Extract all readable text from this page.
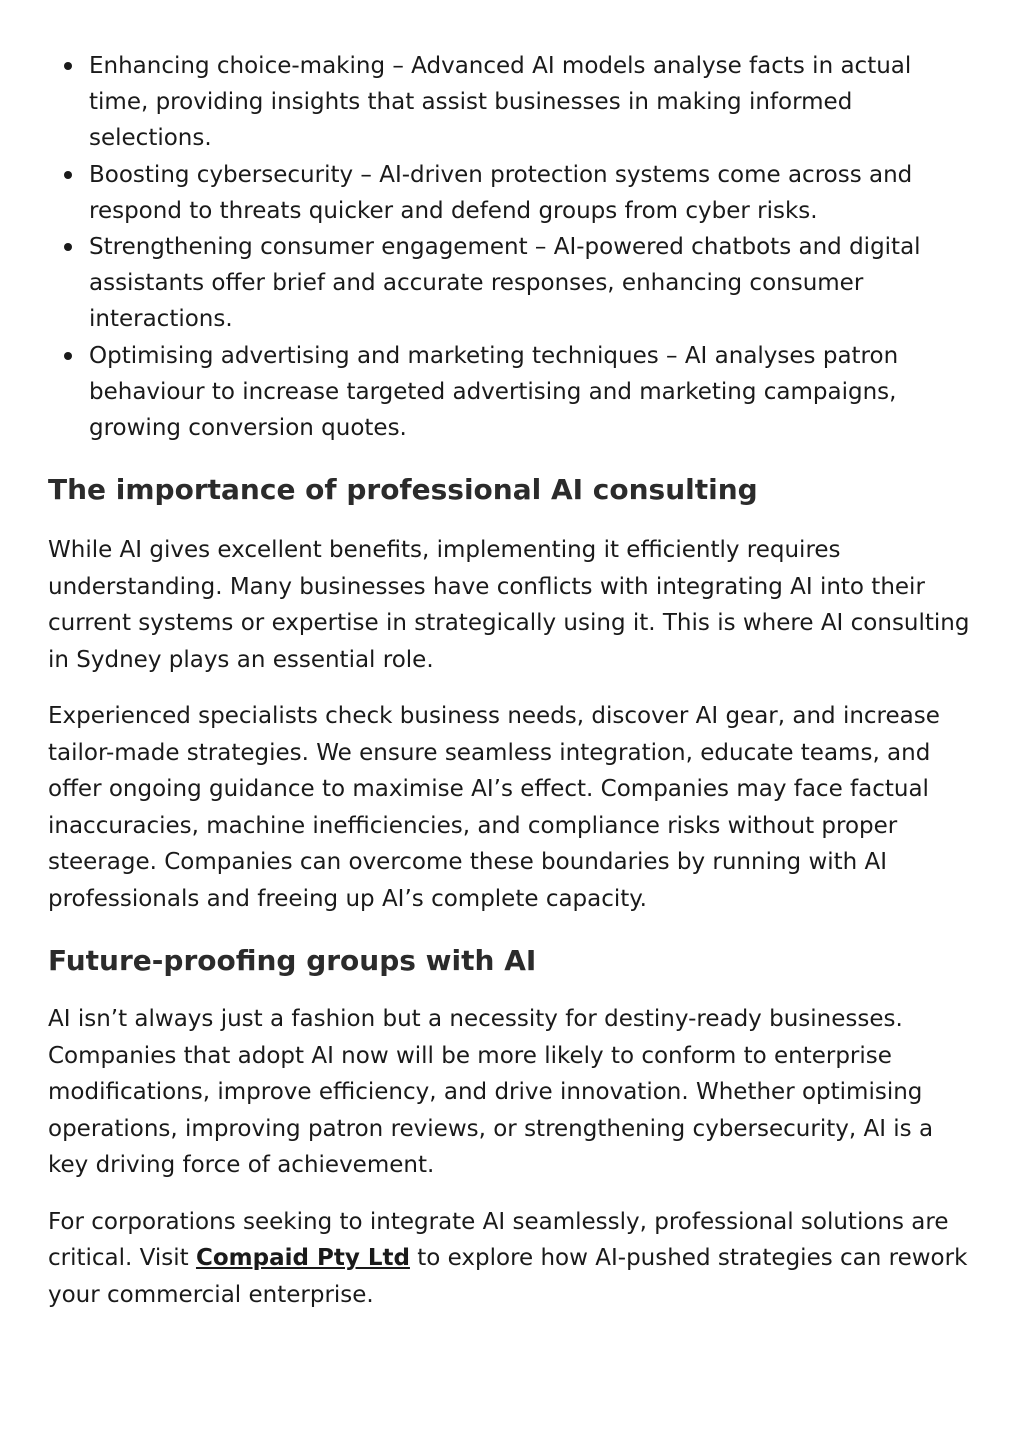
Enhancing choice-making – Advanced AI models analyse facts in actual time, providing insights that assist businesses in making informed selections.
Boosting cybersecurity – AI-driven protection systems come across and respond to threats quicker and defend groups from cyber risks.
Strengthening consumer engagement – AI-powered chatbots and digital assistants offer brief and accurate responses, enhancing consumer interactions.
Optimising advertising and marketing techniques – AI analyses patron behaviour to increase targeted advertising and marketing campaigns, growing conversion quotes.
The importance of professional AI consulting

While AI gives excellent benefits, implementing it efficiently requires understanding. Many businesses have conflicts with integrating AI into their current systems or expertise in strategically using it. This is where AI consulting in Sydney plays an essential role.

Experienced specialists check business needs, discover AI gear, and increase tailor-made strategies. We ensure seamless integration, educate teams, and offer ongoing guidance to maximise AI’s effect. Companies may face factual inaccuracies, machine inefficiencies, and compliance risks without proper steerage. Companies can overcome these boundaries by running with AI professionals and freeing up AI’s complete capacity.

Future-proofing groups with AI

AI isn’t always just a fashion but a necessity for destiny-ready businesses. Companies that adopt AI now will be more likely to conform to enterprise modifications, improve efficiency, and drive innovation. Whether optimising operations, improving patron reviews, or strengthening cybersecurity, AI is a key driving force of achievement.

For corporations seeking to integrate AI seamlessly, professional solutions are critical. Visit Compaid Pty Ltd to explore how AI-pushed strategies can rework your commercial enterprise.
